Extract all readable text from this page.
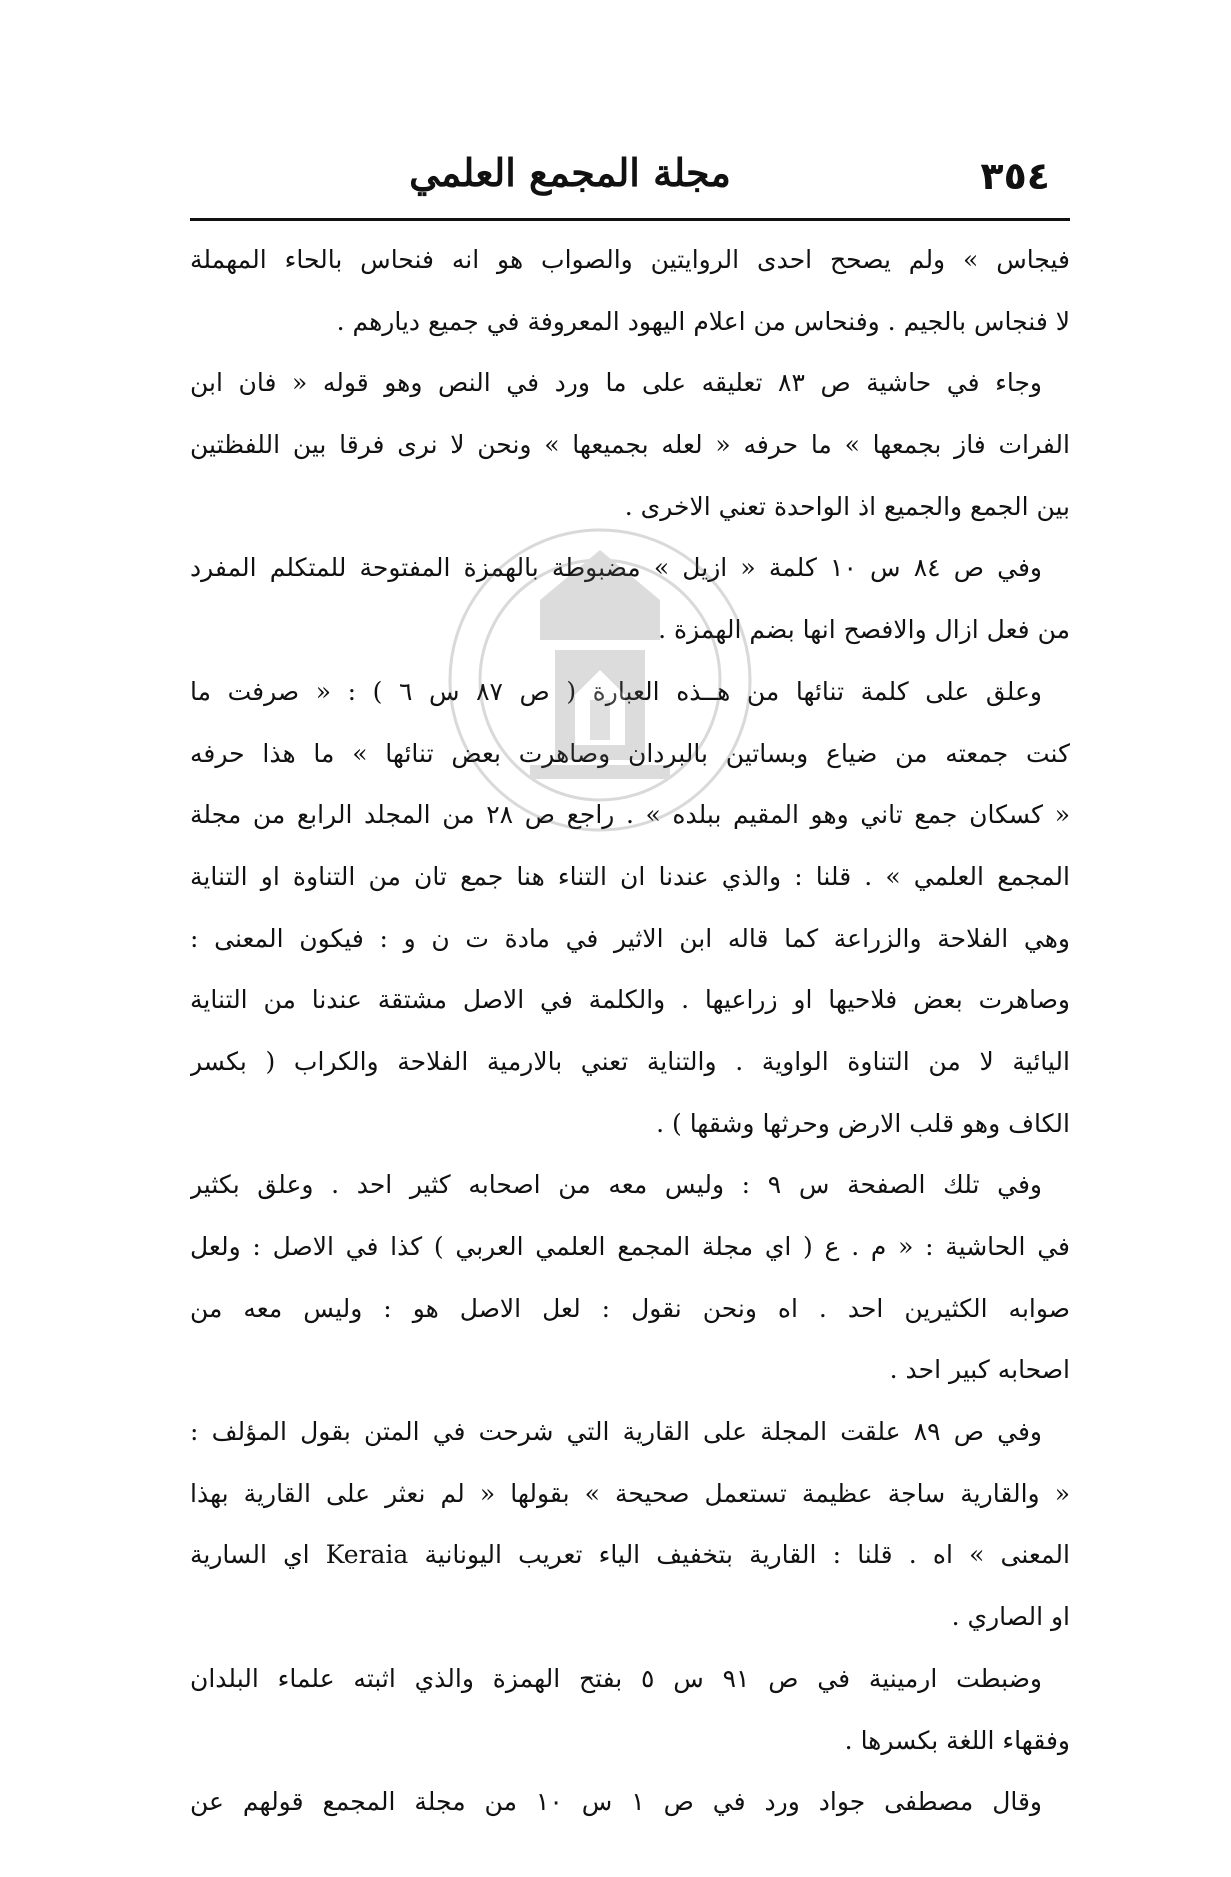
٣٥٤
مجلة المجمع العلمي
فيجاس » ولم يصحح احدى الروايتين والصواب هو انه فنحاس بالحاء المهملة
لا فنجاس بالجيم . وفنحاس من اعلام اليهود المعروفة في جميع ديارهم .
وجاء في حاشية ص ٨٣ تعليقه على ما ورد في النص وهو قوله « فان ابن
الفرات فاز بجمعها » ما حرفه « لعله بجميعها » ونحن لا نرى فرقا بين اللفظتين
بين الجمع والجميع اذ الواحدة تعني الاخرى .
وفي ص ٨٤ س ١٠ كلمة « ازيل » مضبوطة بالهمزة المفتوحة للمتكلم المفرد
من فعل ازال والافصح انها بضم الهمزة .
وعلق على كلمة تنائها من هــذه العبارة ( ص ٨٧ س ٦ ) : « صرفت ما
كنت جمعته من ضياع وبساتين بالبردان وصاهرت بعض تنائها » ما هذا حرفه
« كسكان جمع تاني وهو المقيم ببلده » . راجع ص ٢٨ من المجلد الرابع من مجلة
المجمع العلمي » . قلنا : والذي عندنا ان التناء هنا جمع تان من التناوة او التناية
وهي الفلاحة والزراعة كما قاله ابن الاثير في مادة ت ن و : فيكون المعنى :
وصاهرت بعض فلاحيها او زراعيها . والكلمة في الاصل مشتقة عندنا من التناية
اليائية لا من التناوة الواوية . والتناية تعني بالارمية الفلاحة والكراب ( بكسر
الكاف وهو قلب الارض وحرثها وشقها ) .
وفي تلك الصفحة س ٩ : وليس معه من اصحابه كثير احد . وعلق بكثير
في الحاشية : « م . ع ( اي مجلة المجمع العلمي العربي ) كذا في الاصل : ولعل
صوابه الكثيرين احد . اه ونحن نقول : لعل الاصل هو : وليس معه من
اصحابه كبير احد .
وفي ص ٨٩ علقت المجلة على القارية التي شرحت في المتن بقول المؤلف :
« والقارية ساجة عظيمة تستعمل صحيحة » بقولها « لم نعثر على القارية بهذا
المعنى » اه . قلنا : القارية بتخفيف الياء تعريب اليونانية Keraia اي السارية
او الصاري .
وضبطت ارمينية في ص ٩١ س ٥ بفتح الهمزة والذي اثبته علماء البلدان
وفقهاء اللغة بكسرها .
وقال مصطفى جواد ورد في ص ١ س ١٠ من مجلة المجمع قولهم عن
